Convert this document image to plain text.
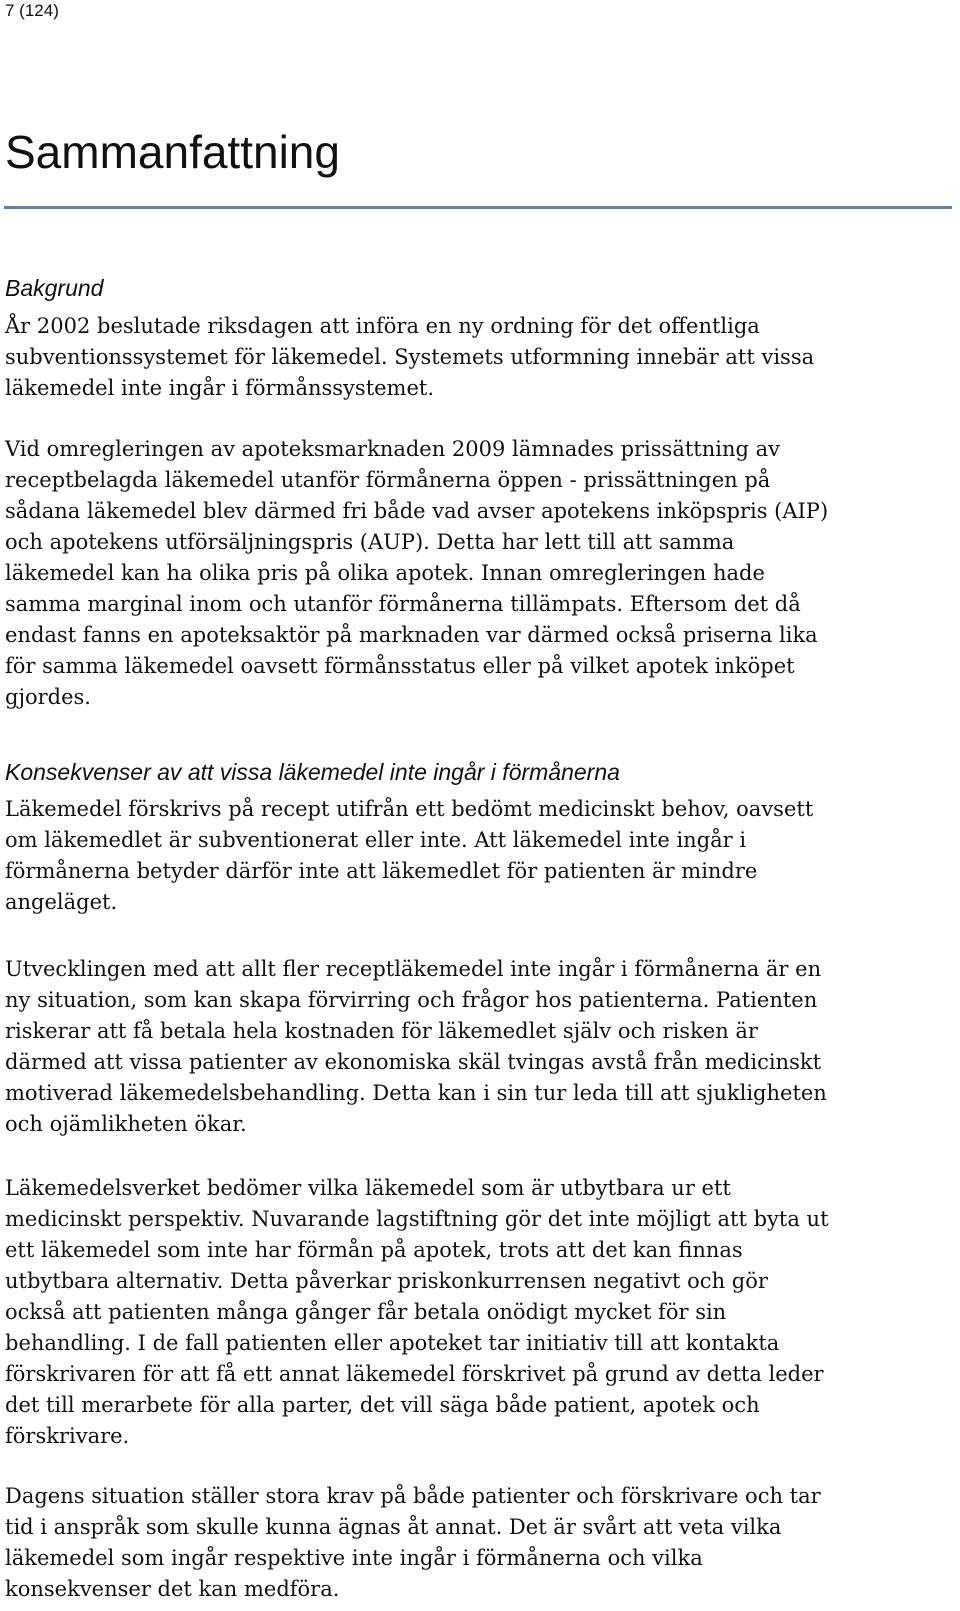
7 (124)
Sammanfattning
Bakgrund

År 2002 beslutade riksdagen att införa en ny ordning för det offentliga
subventionssystemet för läkemedel. Systemets utformning innebär att vissa
läkemedel inte ingår i förmånssystemet.

Vid omregleringen av apoteksmarknaden 2009 lämnades prissättning av
receptbelagda läkemedel utanför förmånerna öppen - prissättningen på
sådana läkemedel blev därmed fri både vad avser apotekens inköpspris (AIP)
och apotekens utförsäljningspris (AUP). Detta har lett till att samma
läkemedel kan ha olika pris på olika apotek. Innan omregleringen hade
samma marginal inom och utanför förmånerna tillämpats. Eftersom det då
endast fanns en apoteksaktör på marknaden var därmed också priserna lika
för samma läkemedel oavsett förmånsstatus eller på vilket apotek inköpet
gjordes.

Konsekvenser av att vissa läkemedel inte ingår i förmånerna

Läkemedel förskrivs på recept utifrån ett bedömt medicinskt behov, oavsett
om läkemedlet är subventionerat eller inte. Att läkemedel inte ingår i
förmånerna betyder därför inte att läkemedlet för patienten är mindre
angeläget.

Utvecklingen med att allt fler receptläkemedel inte ingår i förmånerna är en
ny situation, som kan skapa förvirring och frågor hos patienterna. Patienten
riskerar att få betala hela kostnaden för läkemedlet själv och risken är
därmed att vissa patienter av ekonomiska skäl tvingas avstå från medicinskt
motiverad läkemedelsbehandling. Detta kan i sin tur leda till att sjukligheten
och ojämlikheten ökar.

Läkemedelsverket bedömer vilka läkemedel som är utbytbara ur ett
medicinskt perspektiv. Nuvarande lagstiftning gör det inte möjligt att byta ut
ett läkemedel som inte har förmån på apotek, trots att det kan finnas
utbytbara alternativ. Detta påverkar priskonkurrensen negativt och gör
också att patienten många gånger får betala onödigt mycket för sin
behandling. I de fall patienten eller apoteket tar initiativ till att kontakta
förskrivaren för att få ett annat läkemedel förskrivet på grund av detta leder
det till merarbete för alla parter, det vill säga både patient, apotek och
förskrivare.

Dagens situation ställer stora krav på både patienter och förskrivare och tar
tid i anspråk som skulle kunna ägnas åt annat. Det är svårt att veta vilka
läkemedel som ingår respektive inte ingår i förmånerna och vilka
konsekvenser det kan medföra.
